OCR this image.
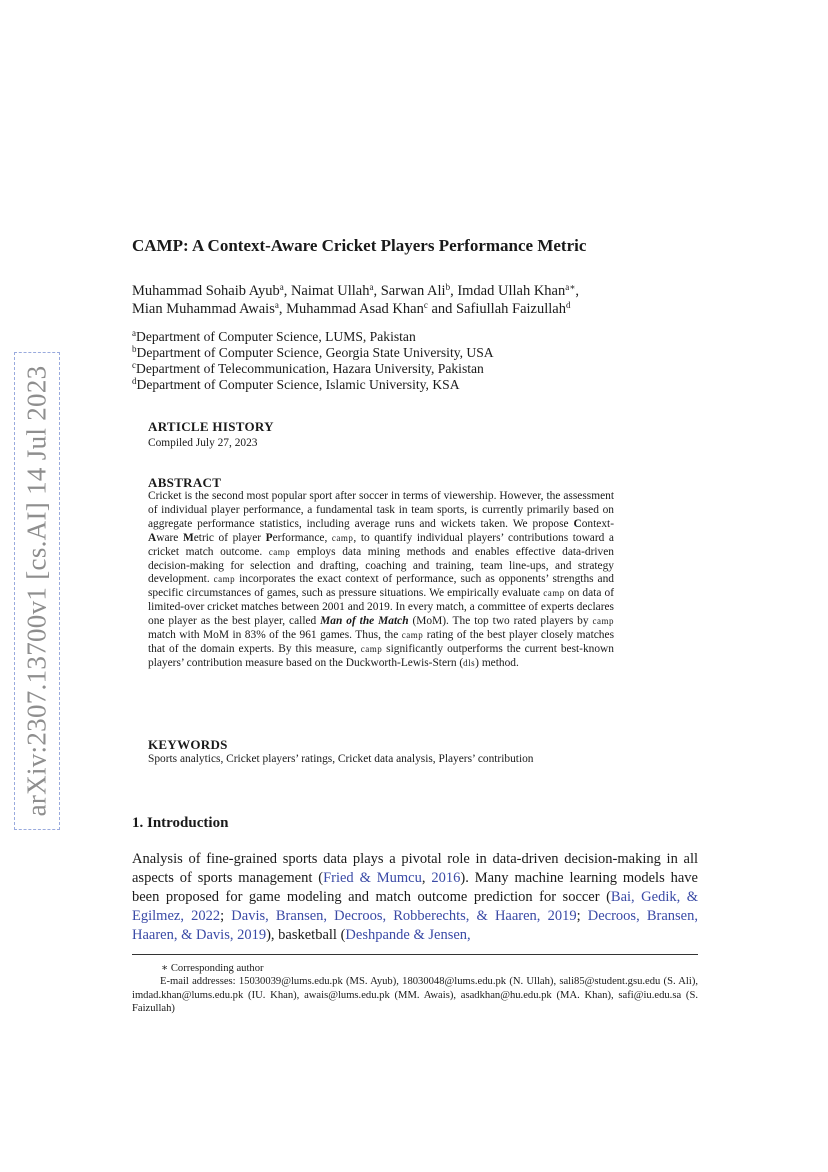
arXiv:2307.13700v1 [cs.AI] 14 Jul 2023
CAMP: A Context-Aware Cricket Players Performance Metric
Muhammad Sohaib Ayub$^a$, Naimat Ullah$^a$, Sarwan Ali$^b$, Imdad Ullah Khan$^{a∗}$,
Mian Muhammad Awais$^a$, Muhammad Asad Khan$^c$ and Safiullah Faizullah$^d$
$^a$Department of Computer Science, LUMS, Pakistan
$^b$Department of Computer Science, Georgia State University, USA
$^c$Department of Telecommunication, Hazara University, Pakistan
$^d$Department of Computer Science, Islamic University, KSA
ARTICLE HISTORY
Compiled July 27, 2023
ABSTRACT

Cricket is the second most popular sport after soccer in terms of viewership. However, the assessment of individual player performance, a fundamental task in team sports, is currently primarily based on aggregate performance statistics, including average runs and wickets taken. We propose Context-Aware Metric of player Performance, camp, to quantify individual players’ contributions toward a cricket match outcome. camp employs data mining methods and enables effective data-driven decision-making for selection and drafting, coaching and training, team line-ups, and strategy development. camp incorporates the exact context of performance, such as opponents’ strengths and specific circumstances of games, such as pressure situations. We empirically evaluate camp on data of limited-over cricket matches between 2001 and 2019. In every match, a committee of experts declares one player as the best player, called Man of the Match (MoM). The top two rated players by camp match with MoM in 83% of the 961 games. Thus, the camp rating of the best player closely matches that of the domain experts. By this measure, camp significantly outperforms the current best-known players’ contribution measure based on the Duckworth-Lewis-Stern (dls) method.

KEYWORDS

Sports analytics, Cricket players’ ratings, Cricket data analysis, Players’ contribution

1. Introduction

Analysis of fine-grained sports data plays a pivotal role in data-driven decision-making in all aspects of sports management (Fried & Mumcu, 2016). Many machine learning models have been proposed for game modeling and match outcome prediction for soccer (Bai, Gedik, & Egilmez, 2022; Davis, Bransen, Decroos, Robberechts, & Haaren, 2019; Decroos, Bransen, Haaren, & Davis, 2019), basketball (Deshpande & Jensen,

∗ Corresponding author

E-mail addresses: 15030039@lums.edu.pk (MS. Ayub), 18030048@lums.edu.pk (N. Ullah), sali85@student.gsu.edu (S. Ali), imdad.khan@lums.edu.pk (IU. Khan), awais@lums.edu.pk (MM. Awais), asadkhan@hu.edu.pk (MA. Khan), safi@iu.edu.sa (S. Faizullah)
